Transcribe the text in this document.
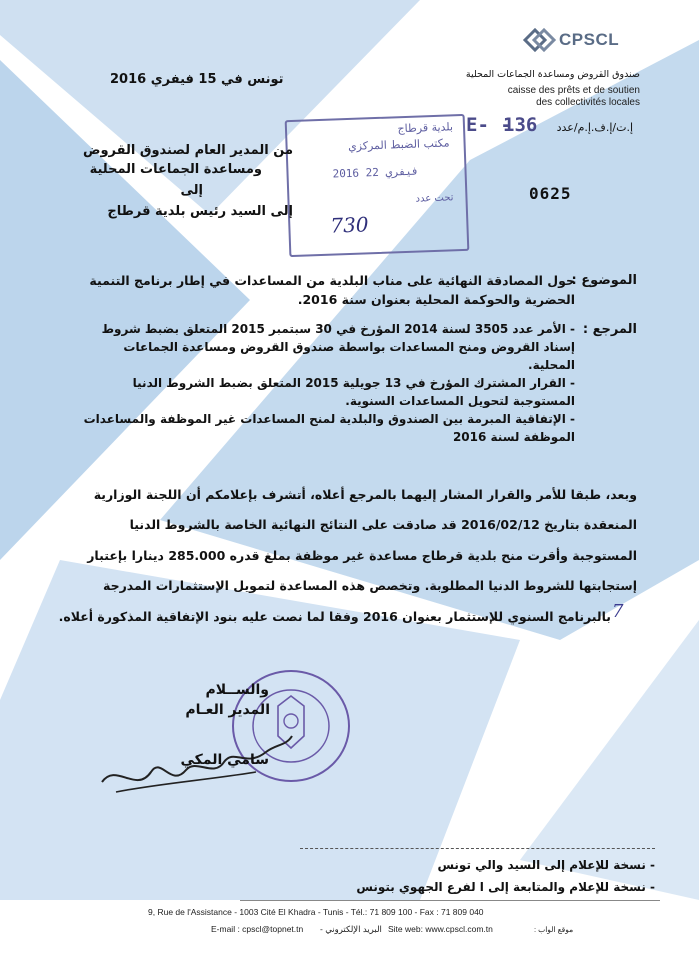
CPSCL
صندوق القروض ومساعدة الجماعات المحلية
caisse des prêts et de soutien
des collectivités locales
تونس في 15 فيفري 2016
إ.ت/إ.ف.إ.م/عدد
136
E- -
0625
بلدية قرطاج
مكتب الضبط المركزي
2016 فيفري 22
تحت عدد
730
من المدير العام لصندوق القروض
ومساعدة الجماعات المحلية
إلى
إلى السيد رئيس بلدية قرطاج
الموضوع :
حول المصادقة النهائية على مناب البلدية من المساعدات في إطار برنامج التنمية
الحضرية والحوكمة المحلية بعنوان سنة 2016.
المرجع :
- الأمر عدد 3505 لسنة 2014 المؤرخ في 30 سبتمبر 2015 المتعلق بضبط شروط
إسناد القروض ومنح المساعدات بواسطة صندوق القروض ومساعدة الجماعات
المحلية.
- القرار المشترك المؤرخ في 13 جويلية 2015 المتعلق بضبط الشروط الدنيا
المستوجبة لتحويل المساعدات السنوية.
- الإتفاقية المبرمة بين الصندوق والبلدية لمنح المساعدات غير الموظفة والمساعدات
الموظفة لسنة 2016
وبعد، طبقا للأمر والقرار المشار إليهما بالمرجع أعلاه، أتشرف بإعلامكم أن اللجنة الوزارية
المنعقدة بتاريخ 2016/02/12 قد صادقت على النتائج النهائية الخاصة بالشروط الدنيا
المستوجبة وأقرت منح بلدية قرطاج مساعدة غير موظفة بملغ قدره 285.000 دينارا بإعتبار
إستجابتها للشروط الدنيا المطلوبة. وتخصص هذه المساعدة لتمويل الإستثمارات المدرجة
بالبرنامج السنوي للإستثمار بعنوان 2016 وفقا لما نصت عليه بنود الإتفاقية المذكورة أعلاه. 7
والســلام
المدير العـام
سامي المكي
- نسخة للإعلام إلى السيد والي تونس
- نسخة للإعلام والمتابعة إلى ا لفرع الجهوي بتونس
9, Rue de l'Assistance - 1003 Cité El Khadra - Tunis - Tél.: 71 809 100 - Fax : 71 809 040
E-mail : cpscl@topnet.tn البريد الإلكتروني - Site web: www.cpscl.com.tn	موقع الواب :
